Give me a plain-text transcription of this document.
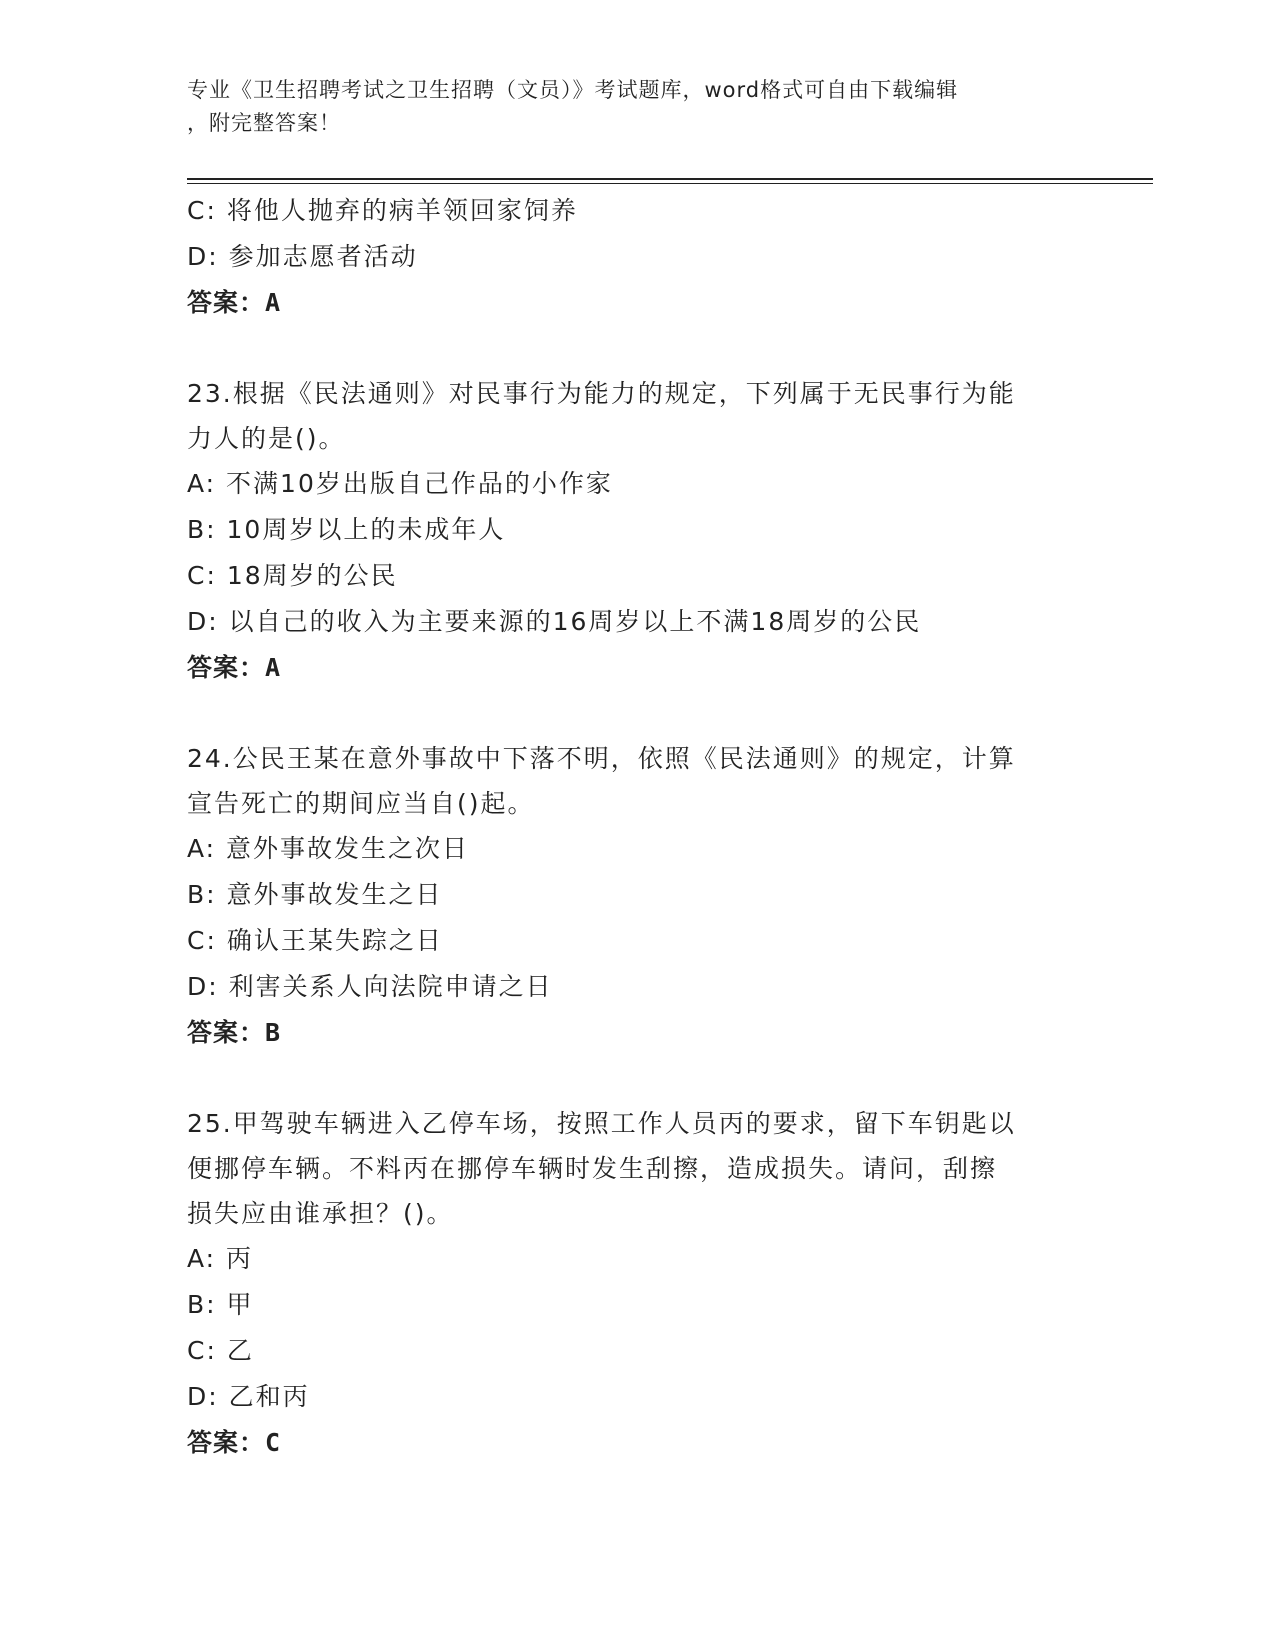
专业《卫生招聘考试之卫生招聘（文员）》考试题库，word格式可自由下载编辑
，附完整答案！
C: 将他人抛弃的病羊领回家饲养
D: 参加志愿者活动
答案：A
23.根据《民法通则》对民事行为能力的规定，下列属于无民事行为能
力人的是()。
A: 不满10岁出版自己作品的小作家
B: 10周岁以上的未成年人
C: 18周岁的公民
D: 以自己的收入为主要来源的16周岁以上不满18周岁的公民
答案：A
24.公民王某在意外事故中下落不明，依照《民法通则》的规定，计算
宣告死亡的期间应当自()起。
A: 意外事故发生之次日
B: 意外事故发生之日
C: 确认王某失踪之日
D: 利害关系人向法院申请之日
答案：B
25.甲驾驶车辆进入乙停车场，按照工作人员丙的要求，留下车钥匙以
便挪停车辆。不料丙在挪停车辆时发生刮擦，造成损失。请问，刮擦
损失应由谁承担？()。
A: 丙
B: 甲
C: 乙
D: 乙和丙
答案：C
